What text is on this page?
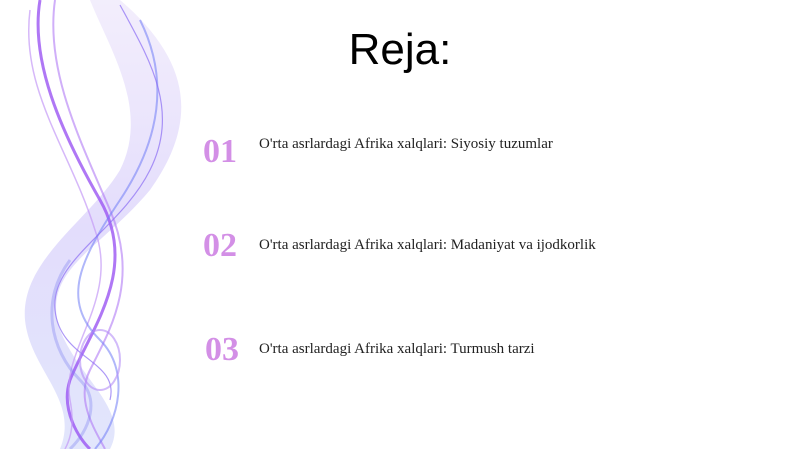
Reja:
01	O'rta asrlardagi Afrika xalqlari: Siyosiy tuzumlar
02	O'rta asrlardagi Afrika xalqlari: Madaniyat va ijodkorlik
03	O'rta asrlardagi Afrika xalqlari: Turmush tarzi
